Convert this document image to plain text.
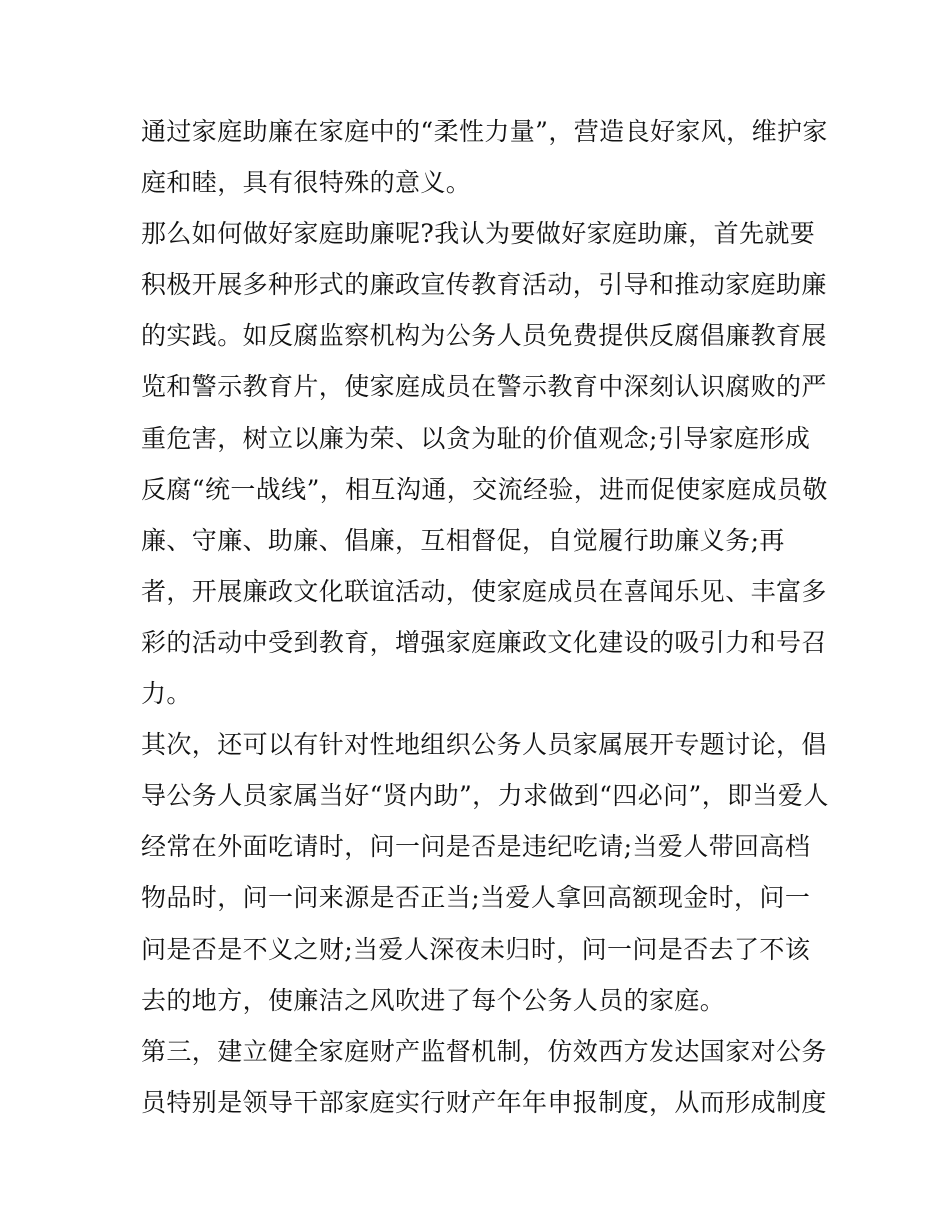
通过家庭助廉在家庭中的“柔性力量”，营造良好家风，维护家
庭和睦，具有很特殊的意义。
那么如何做好家庭助廉呢?我认为要做好家庭助廉，首先就要
积极开展多种形式的廉政宣传教育活动，引导和推动家庭助廉
的实践。如反腐监察机构为公务人员免费提供反腐倡廉教育展
览和警示教育片，使家庭成员在警示教育中深刻认识腐败的严
重危害，树立以廉为荣、以贪为耻的价值观念;引导家庭形成
反腐“统一战线”，相互沟通，交流经验，进而促使家庭成员敬
廉、守廉、助廉、倡廉，互相督促，自觉履行助廉义务;再
者，开展廉政文化联谊活动，使家庭成员在喜闻乐见、丰富多
彩的活动中受到教育，增强家庭廉政文化建设的吸引力和号召
力。
其次，还可以有针对性地组织公务人员家属展开专题讨论，倡
导公务人员家属当好“贤内助”，力求做到“四必问”，即当爱人
经常在外面吃请时，问一问是否是违纪吃请;当爱人带回高档
物品时，问一问来源是否正当;当爱人拿回高额现金时，问一
问是否是不义之财;当爱人深夜未归时，问一问是否去了不该
去的地方，使廉洁之风吹进了每个公务人员的家庭。
第三，建立健全家庭财产监督机制，仿效西方发达国家对公务
员特别是领导干部家庭实行财产年年申报制度，从而形成制度
